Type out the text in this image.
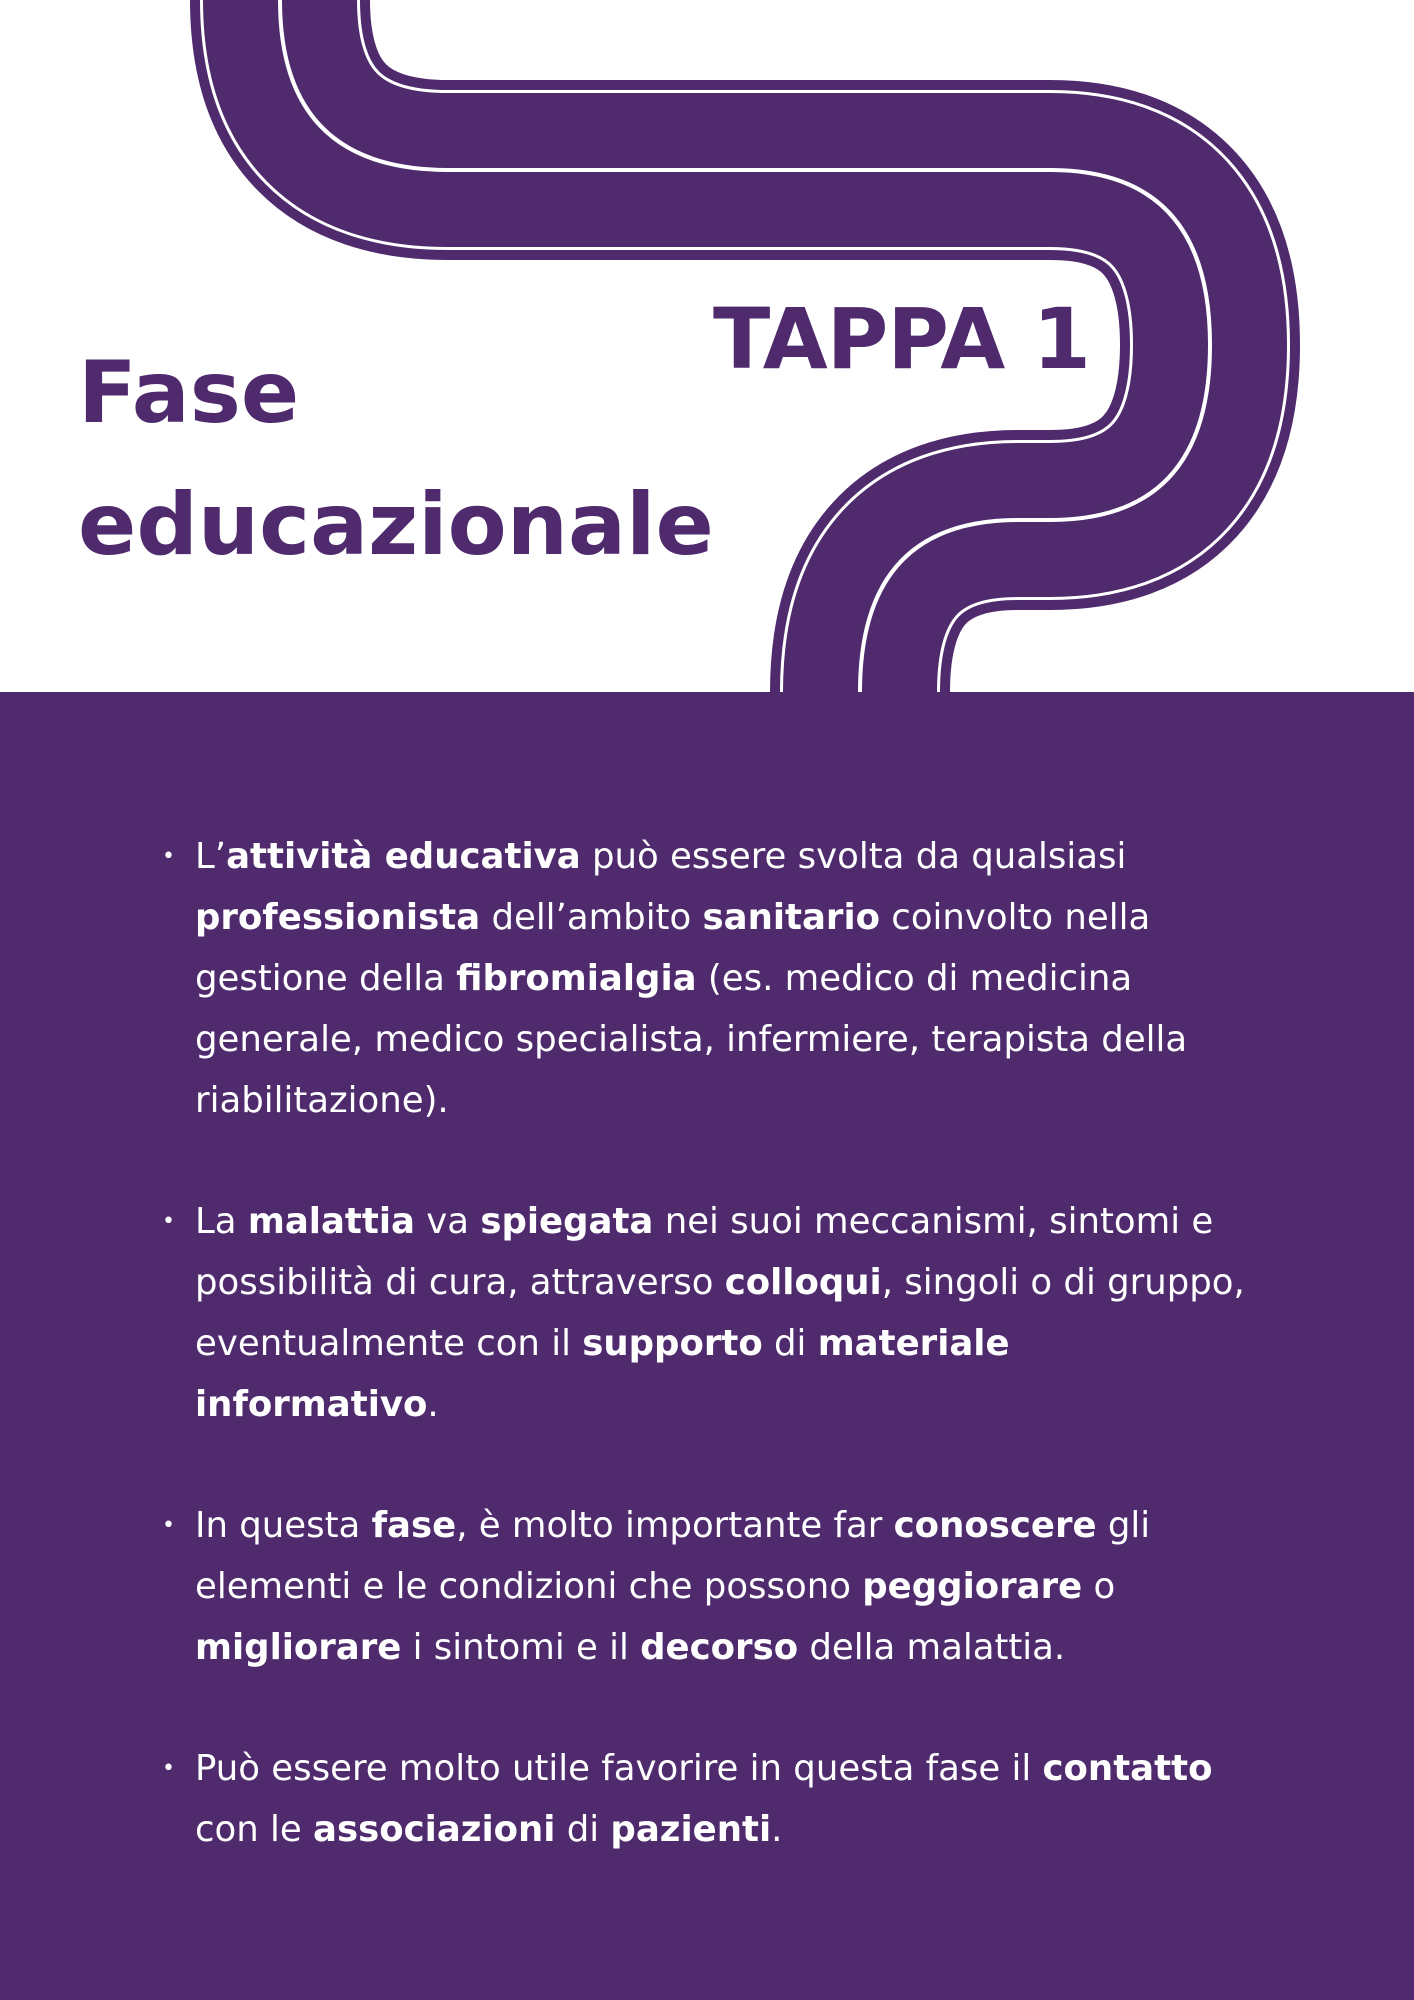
TAPPA 1
Fase
educazionale
• L’attività educativa può essere svolta da qualsiasi professionista dell’ambito sanitario coinvolto nella gestione della fibromialgia (es. medico di medicina generale, medico specialista, infermiere, terapista della riabilitazione).
• La malattia va spiegata nei suoi meccanismi, sintomi e possibilità di cura, attraverso colloqui, singoli o di gruppo, eventualmente con il supporto di materiale informativo.
• In questa fase, è molto importante far conoscere gli elementi e le condizioni che possono peggiorare o migliorare i sintomi e il decorso della malattia.
• Può essere molto utile favorire in questa fase il contatto con le associazioni di pazienti.
